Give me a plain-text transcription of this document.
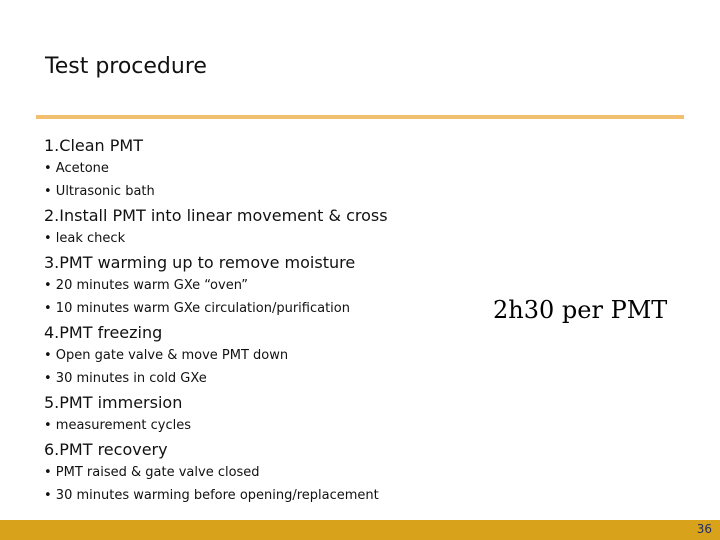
Test procedure
1.Clean PMT
• Acetone
• Ultrasonic bath
2.Install PMT into linear movement & cross
• leak check
3.PMT warming up to remove moisture
• 20 minutes warm GXe “oven”
• 10 minutes warm GXe circulation/purification
4.PMT freezing
• Open gate valve & move PMT down
• 30 minutes in cold GXe
5.PMT immersion
• measurement cycles
6.PMT recovery
• PMT raised & gate valve closed
• 30 minutes warming before opening/replacement
2h30 per PMT
36
